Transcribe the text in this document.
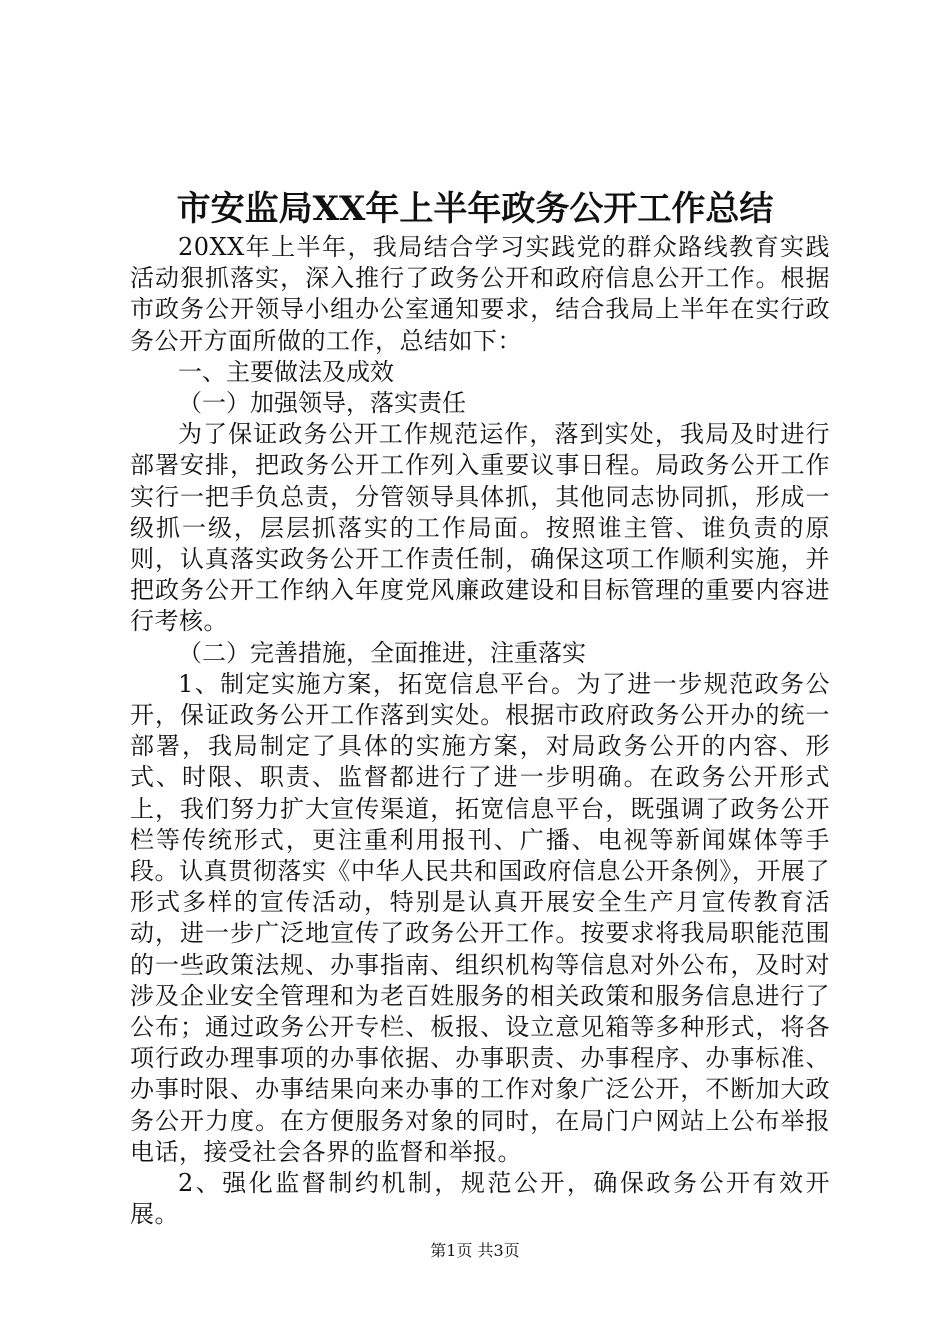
市安监局XX年上半年政务公开工作总结

20XX年上半年，我局结合学习实践党的群众路线教育实践活动狠抓落实，深入推行了政务公开和政府信息公开工作。根据市政务公开领导小组办公室通知要求，结合我局上半年在实行政务公开方面所做的工作，总结如下：

一、主要做法及成效

（一）加强领导，落实责任

为了保证政务公开工作规范运作，落到实处，我局及时进行部署安排，把政务公开工作列入重要议事日程。局政务公开工作实行一把手负总责，分管领导具体抓，其他同志协同抓，形成一级抓一级，层层抓落实的工作局面。按照谁主管、谁负责的原则，认真落实政务公开工作责任制，确保这项工作顺利实施，并把政务公开工作纳入年度党风廉政建设和目标管理的重要内容进行考核。

（二）完善措施，全面推进，注重落实

1、制定实施方案，拓宽信息平台。为了进一步规范政务公开，保证政务公开工作落到实处。根据市政府政务公开办的统一部署，我局制定了具体的实施方案，对局政务公开的内容、形式、时限、职责、监督都进行了进一步明确。在政务公开形式上，我们努力扩大宣传渠道，拓宽信息平台，既强调了政务公开栏等传统形式，更注重利用报刊、广播、电视等新闻媒体等手段。认真贯彻落实《中华人民共和国政府信息公开条例》，开展了形式多样的宣传活动，特别是认真开展安全生产月宣传教育活动，进一步广泛地宣传了政务公开工作。按要求将我局职能范围的一些政策法规、办事指南、组织机构等信息对外公布，及时对涉及企业安全管理和为老百姓服务的相关政策和服务信息进行了公布；通过政务公开专栏、板报、设立意见箱等多种形式，将各项行政办理事项的办事依据、办事职责、办事程序、办事标准、办事时限、办事结果向来办事的工作对象广泛公开，不断加大政务公开力度。在方便服务对象的同时，在局门户网站上公布举报电话，接受社会各界的监督和举报。

2、强化监督制约机制，规范公开，确保政务公开有效开展。

第1页 共3页
